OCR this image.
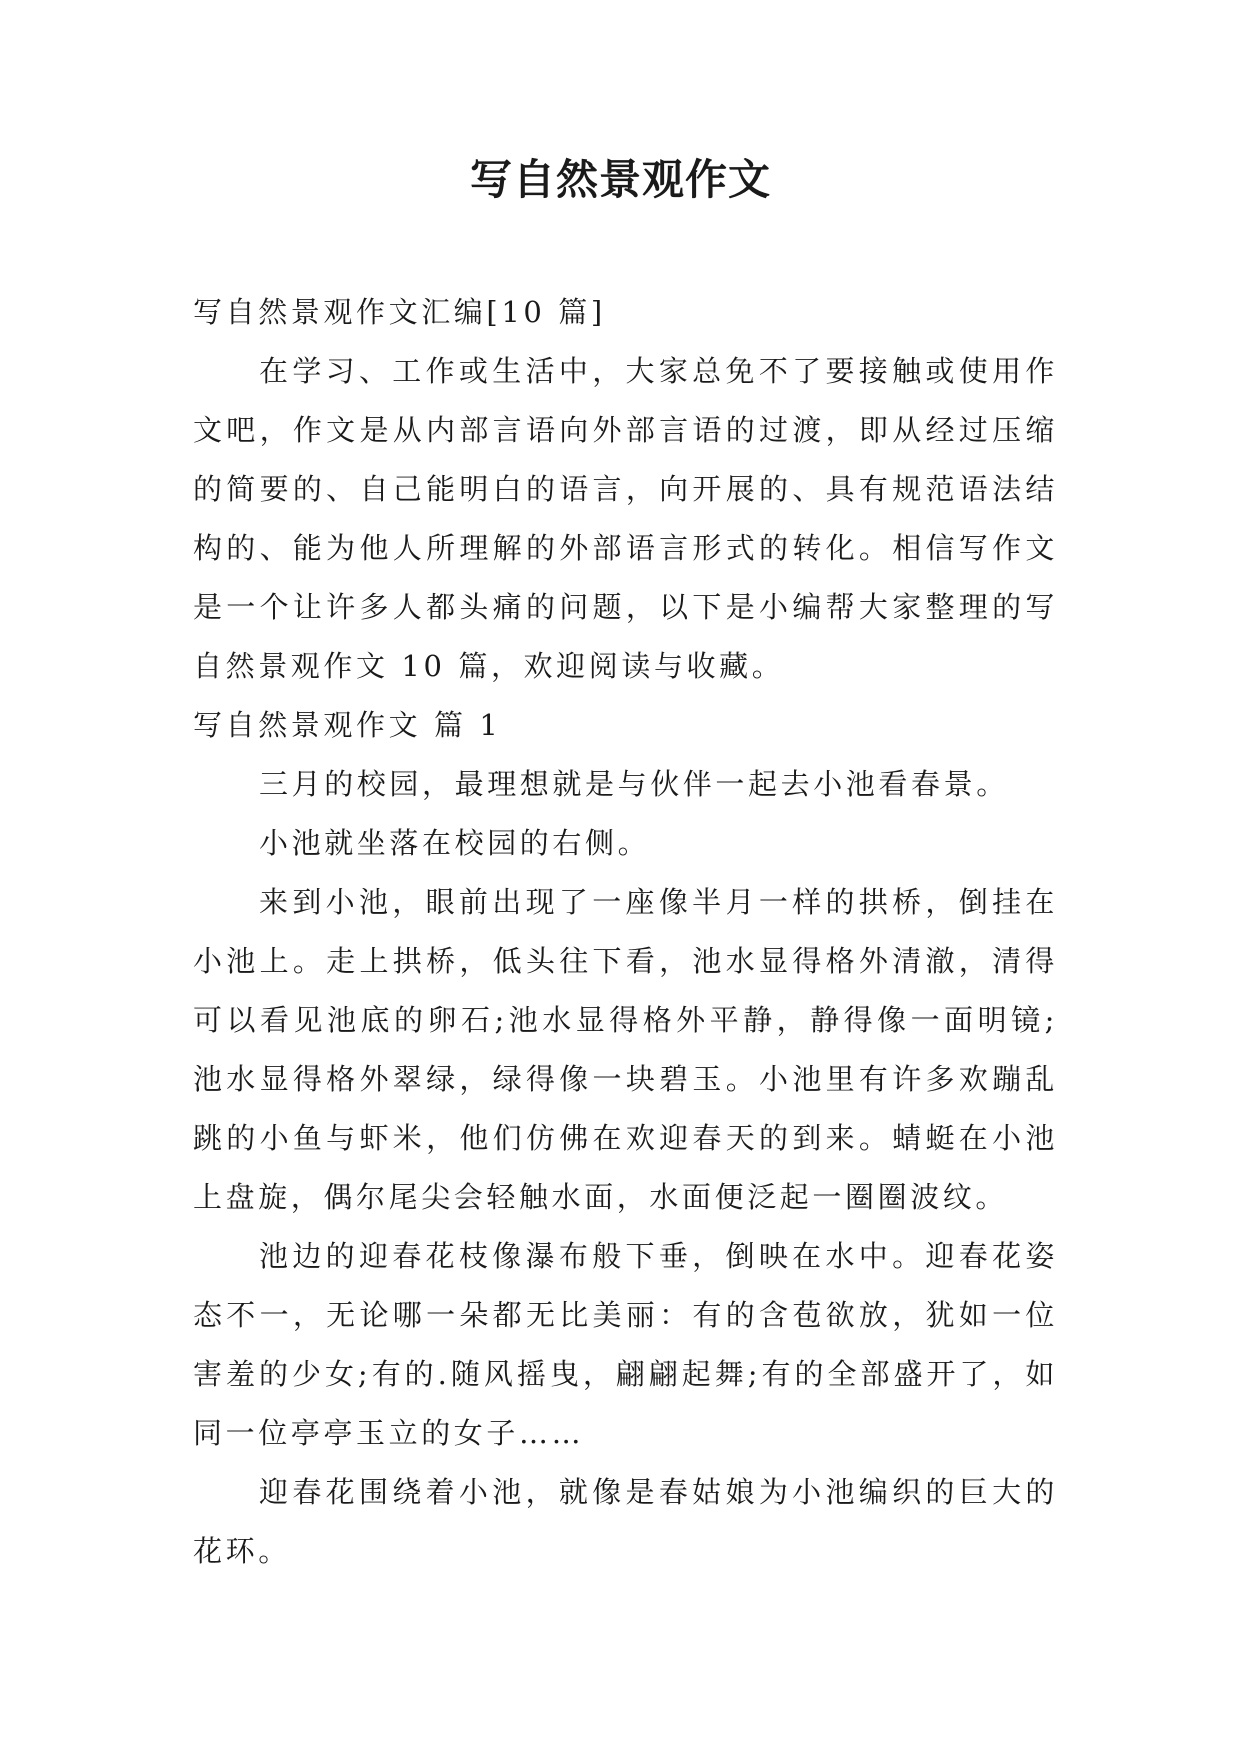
写自然景观作文

写自然景观作文汇编[10 篇]

在学习、工作或生活中，大家总免不了要接触或使用作文吧，作文是从内部言语向外部言语的过渡，即从经过压缩的简要的、自己能明白的语言，向开展的、具有规范语法结构的、能为他人所理解的外部语言形式的转化。相信写作文是一个让许多人都头痛的问题，以下是小编帮大家整理的写自然景观作文 10 篇，欢迎阅读与收藏。

写自然景观作文 篇 1

三月的校园，最理想就是与伙伴一起去小池看春景。

小池就坐落在校园的右侧。

来到小池，眼前出现了一座像半月一样的拱桥，倒挂在小池上。走上拱桥，低头往下看，池水显得格外清澈，清得可以看见池底的卵石;池水显得格外平静，静得像一面明镜;池水显得格外翠绿，绿得像一块碧玉。小池里有许多欢蹦乱跳的小鱼与虾米，他们仿佛在欢迎春天的到来。蜻蜓在小池上盘旋，偶尔尾尖会轻触水面，水面便泛起一圈圈波纹。

池边的迎春花枝像瀑布般下垂，倒映在水中。迎春花姿态不一，无论哪一朵都无比美丽：有的含苞欲放，犹如一位害羞的少女;有的.随风摇曳，翩翩起舞;有的全部盛开了，如同一位亭亭玉立的女子……

迎春花围绕着小池，就像是春姑娘为小池编织的巨大的花环。
